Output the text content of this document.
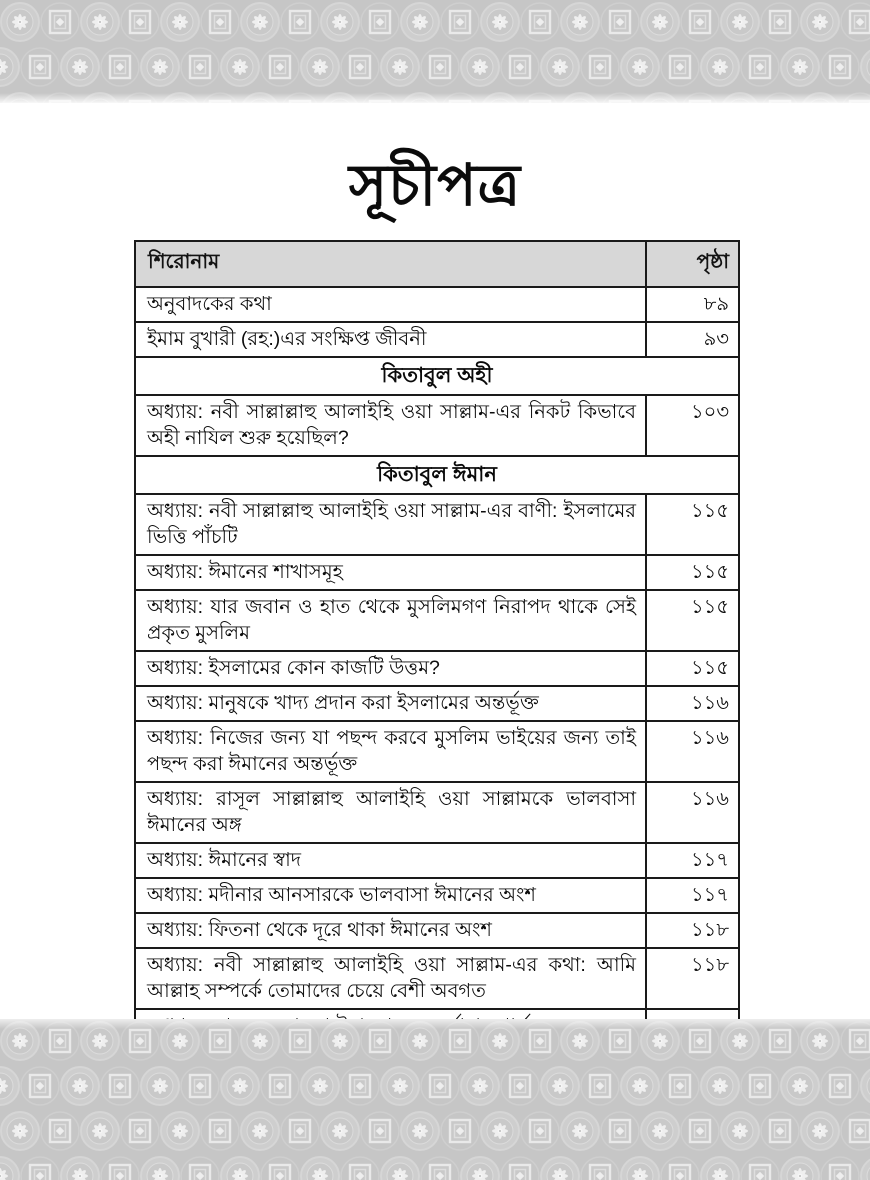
সূচীপত্র
শিরোনাম	পৃষ্ঠা
অনুবাদকের কথা	৮৯
ইমাম বুখারী (রহ:)এর সংক্ষিপ্ত জীবনী	৯৩
কিতাবুল অহী	
অধ্যায়: নবী সাল্লাল্লাহু আলাইহি ওয়া সাল্লাম-এর নিকট কিভাবে অহী নাযিল শুরু হয়েছিল?	১০৩
কিতাবুল ঈমান	
অধ্যায়: নবী সাল্লাল্লাহু আলাইহি ওয়া সাল্লাম-এর বাণী: ইসলামের ভিত্তি পাঁচটি	১১৫
অধ্যায়: ঈমানের শাখাসমূহ	১১৫
অধ্যায়: যার জবান ও হাত থেকে মুসলিমগণ নিরাপদ থাকে সেই প্রকৃত মুসলিম	১১৫
অধ্যায়: ইসলামের কোন কাজটি উত্তম?	১১৫
অধ্যায়: মানুষকে খাদ্য প্রদান করা ইসলামের অন্তর্ভূক্ত	১১৬
অধ্যায়: নিজের জন্য যা পছন্দ করবে মুসলিম ভাইয়ের জন্য তাই পছন্দ করা ঈমানের অন্তর্ভূক্ত	১১৬
অধ্যায়: রাসূল সাল্লাল্লাহু আলাইহি ওয়া সাল্লামকে ভালবাসা ঈমানের অঙ্গ	১১৬
অধ্যায়: ঈমানের স্বাদ	১১৭
অধ্যায়: মদীনার আনসারকে ভালবাসা ঈমানের অংশ	১১৭
অধ্যায়: ফিতনা থেকে দূরে থাকা ঈমানের অংশ	১১৮
অধ্যায়: নবী সাল্লাল্লাহু আলাইহি ওয়া সাল্লাম-এর কথা: আমি আল্লাহ সম্পর্কে তোমাদের চেয়ে বেশী অবগত	১১৮
